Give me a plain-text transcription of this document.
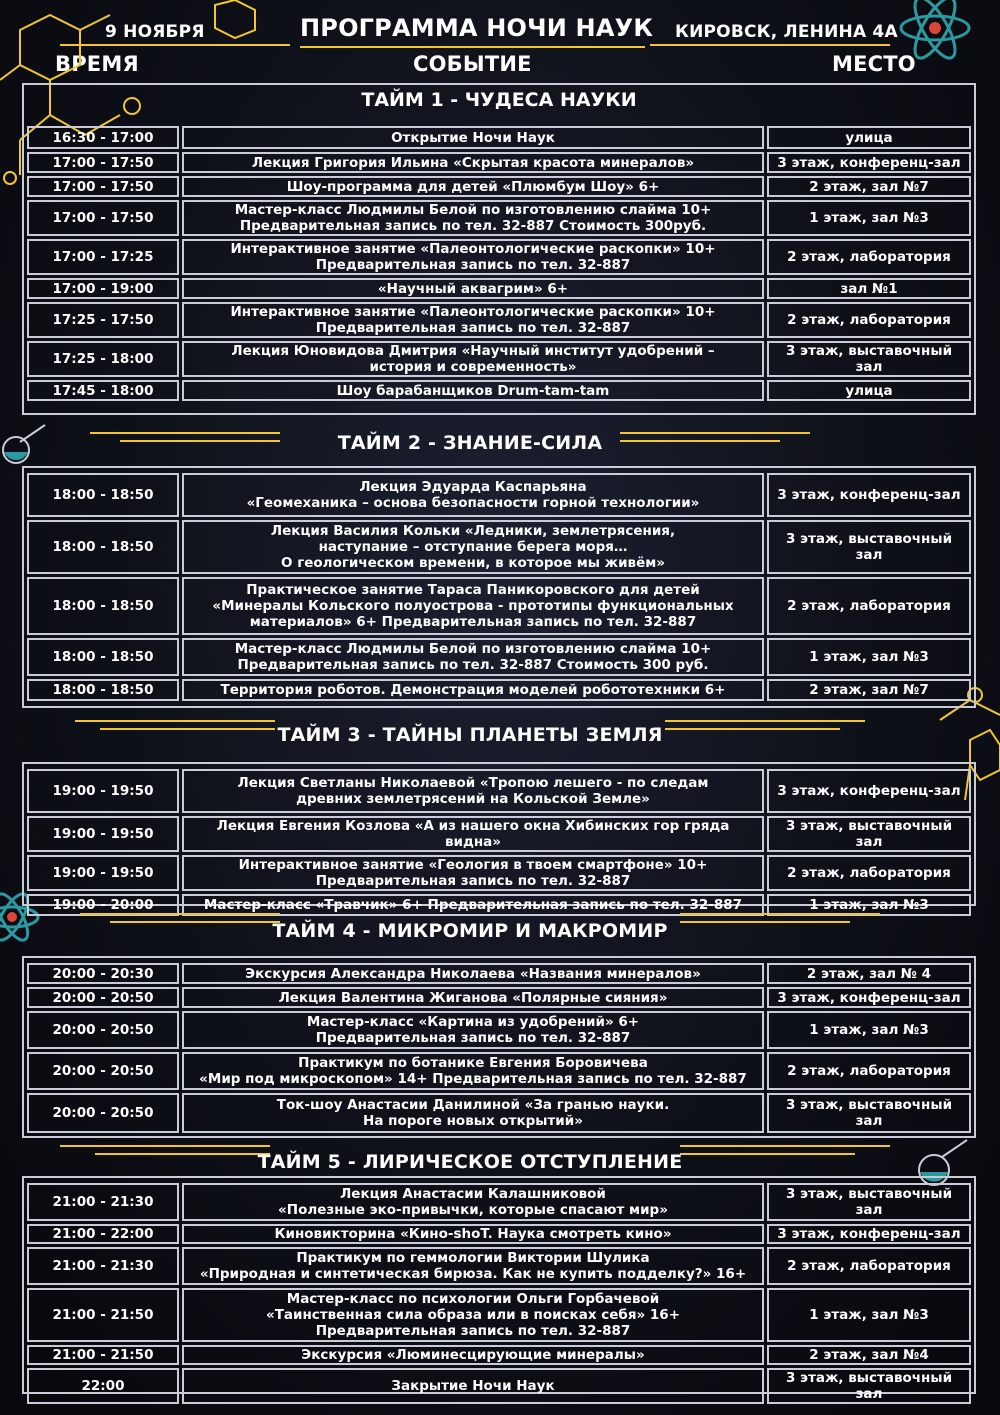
9 НОЯБРЯ	ПРОГРАММА НОЧИ НАУК КИРОВСК, ЛЕНИНА 4А
ВРЕМЯ	СОБЫТИЕ	МЕСТО
ТАЙМ 1 - ЧУДЕСА НАУКИ
16:30 - 17:00	Открытие Ночи Наук	улица
17:00 - 17:50	Лекция Григория Ильина «Скрытая красота минералов»	3 этаж, конференц-зал
17:00 - 17:50	Шоу-программа для детей «Плюмбум Шоу» 6+	2 этаж, зал №7
17:00 - 17:50	Мастер-класс Людмилы Белой по изготовлению слайма 10+
Предварительная запись по тел. 32-887 Стоимость 300руб.	1 этаж, зал №3
17:00 - 17:25	Интерактивное занятие «Палеонтологические раскопки» 10+
Предварительная запись по тел. 32-887	2 этаж, лаборатория
17:00 - 19:00	«Научный аквагрим» 6+	зал №1
17:25 - 17:50	Интерактивное занятие «Палеонтологические раскопки» 10+
Предварительная запись по тел. 32-887	2 этаж, лаборатория
17:25 - 18:00	Лекция Юновидова Дмитрия «Научный институт удобрений –
история и современность»	3 этаж, выставочный зал
17:45 - 18:00	Шоу барабанщиков Drum-tam-tam	улица
ТАЙМ 2 - ЗНАНИЕ-СИЛА
18:00 - 18:50	Лекция Эдуарда Каспарьяна
«Геомеханика – основа безопасности горной технологии»	3 этаж, конференц-зал
18:00 - 18:50	Лекция Василия Кольки «Ледники, землетрясения,
наступание – отступание берега моря…
О геологическом времени, в которое мы живём»	3 этаж, выставочный зал
18:00 - 18:50	Практическое занятие Тараса Паникоровского для детей
«Минералы Кольского полуострова - прототипы функциональных
материалов» 6+ Предварительная запись по тел. 32-887	2 этаж, лаборатория
18:00 - 18:50	Мастер-класс Людмилы Белой по изготовлению слайма 10+
Предварительная запись по тел. 32-887 Стоимость 300 руб.	1 этаж, зал №3
18:00 - 18:50	Территория роботов. Демонстрация моделей робототехники 6+	2 этаж, зал №7
ТАЙМ 3 - ТАЙНЫ ПЛАНЕТЫ ЗЕМЛЯ
19:00 - 19:50	Лекция Светланы Николаевой «Тропою лешего - по следам
древних землетрясений на Кольской Земле»	3 этаж, конференц-зал
19:00 - 19:50	Лекция Евгения Козлова «А из нашего окна Хибинских гор гряда видна»	3 этаж, выставочный зал
19:00 - 19:50	Интерактивное занятие «Геология в твоем смартфоне» 10+
Предварительная запись по тел. 32-887	2 этаж, лаборатория
19:00 - 20:00	Мастер-класс «Травчик» 6+ Предварительная запись по тел. 32-887	1 этаж, зал №3
ТАЙМ 4 - МИКРОМИР И МАКРОМИР
20:00 - 20:30	Экскурсия Александра Николаева «Названия минералов»	2 этаж, зал № 4
20:00 - 20:50	Лекция Валентина Жиганова «Полярные сияния»	3 этаж, конференц-зал
20:00 - 20:50	Мастер-класс «Картина из удобрений» 6+
Предварительная запись по тел. 32-887	1 этаж, зал №3
20:00 - 20:50	Практикум по ботанике Евгения Боровичева
«Мир под микроскопом» 14+ Предварительная запись по тел. 32-887	2 этаж, лаборатория
20:00 - 20:50	Ток-шоу Анастасии Данилиной «За гранью науки.
На пороге новых открытий»	3 этаж, выставочный зал
ТАЙМ 5 - ЛИРИЧЕСКОЕ ОТСТУПЛЕНИЕ
21:00 - 21:30	Лекция Анастасии Калашниковой
«Полезные эко-привычки, которые спасают мир»	3 этаж, выставочный зал
21:00 - 22:00	Киновикторина «Кино-shoT. Наука смотреть кино»	3 этаж, конференц-зал
21:00 - 21:30	Практикум по геммологии Виктории Шулика
«Природная и синтетическая бирюза. Как не купить подделку?» 16+	2 этаж, лаборатория
21:00 - 21:50	Мастер-класс по психологии Ольги Горбачевой
«Таинственная сила образа или в поисках себя» 16+
Предварительная запись по тел. 32-887	1 этаж, зал №3
21:00 - 21:50	Экскурсия «Люминесцирующие минералы»	2 этаж, зал №4
22:00	Закрытие Ночи Наук	3 этаж, выставочный зал
